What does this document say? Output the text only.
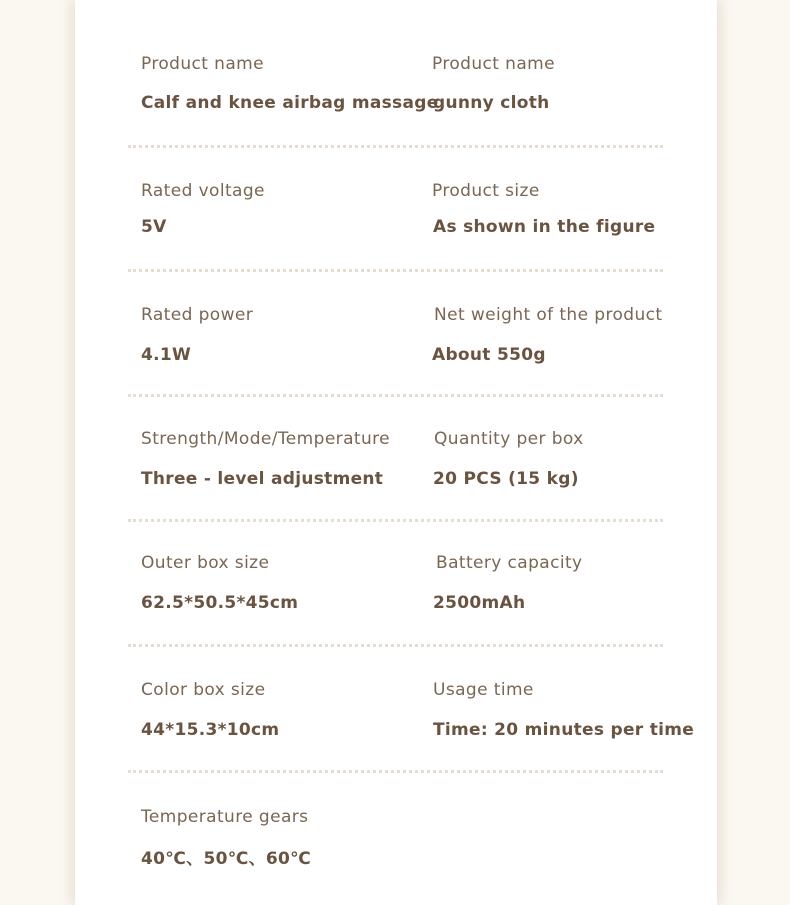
Product name
Calf and knee airbag massage
Product name
gunny cloth
Rated voltage
5V
Product size
As shown in the figure
Rated power
4.1W
Net weight of the product
About 550g
Strength/Mode/Temperature
Three - level adjustment
Quantity per box
20 PCS (15 kg)
Outer box size
62.5*50.5*45cm
Battery capacity
2500mAh
Color box size
44*15.3*10cm
Usage time
Time: 20 minutes per time
Temperature gears
40℃、50℃、60℃
